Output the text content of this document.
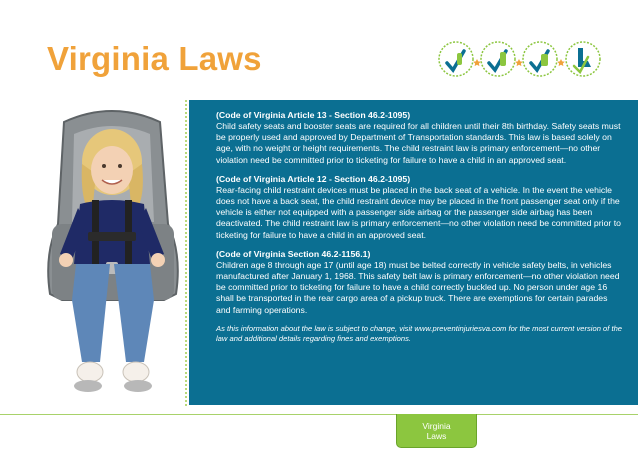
Virginia Laws
(Code of Virginia Article 13 - Section 46.2-1095)

Child safety seats and booster seats are required for all children until their 8th birthday. Safety seats must be properly used and approved by Department of Transportation standards. This law is based solely on age, with no weight or height requirements. The child restraint law is primary enforcement—no other violation need be committed prior to ticketing for failure to have a child in an approved seat.

(Code of Virginia Article 12 - Section 46.2-1095)

Rear-facing child restraint devices must be placed in the back seat of a vehicle. In the event the vehicle does not have a back seat, the child restraint device may be placed in the front passenger seat only if the vehicle is either not equipped with a passenger side airbag or the passenger side airbag has been deactivated. The child restraint law is primary enforcement—no other violation need be committed prior to ticketing for failure to have a child in an approved seat.

(Code of Virginia Section 46.2-1156.1)

Children age 8 through age 17 (until age 18) must be belted correctly in vehicle safety belts, in vehicles manufactured after January 1, 1968. This safety belt law is primary enforcement—no other violation need be committed prior to ticketing for failure to have a child correctly buckled up. No person under age 16 shall be transported in the rear cargo area of a pickup truck. There are exemptions for certain parades and farming operations.

As this information about the law is subject to change, visit www.preventinjuriesva.com for the most current version of the law and additional details regarding fines and exemptions.

Virginia
Laws
